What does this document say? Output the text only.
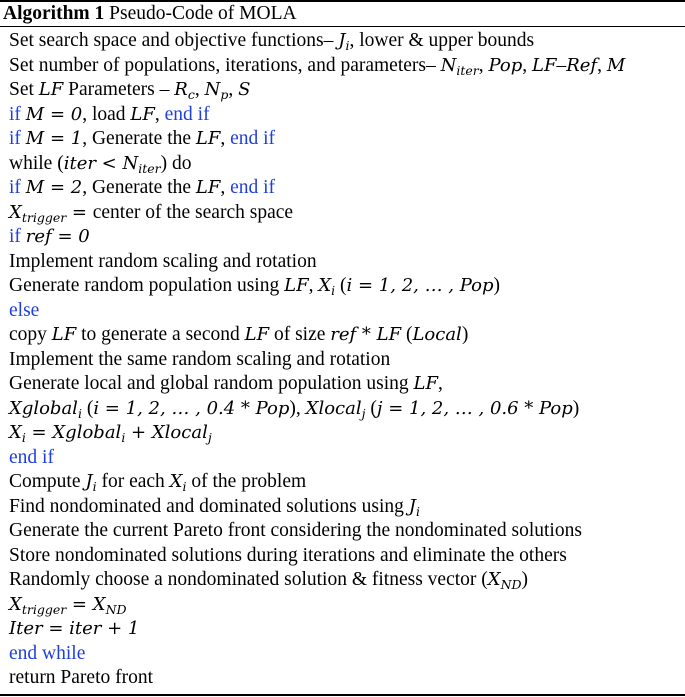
Algorithm 1 Pseudo-Code of MOLA
Set search space and objective functions– $J_i$, lower & upper bounds
Set number of populations, iterations, and parameters– $N_{iter}$, Pop, LF–Ref, M
Set LF Parameters – $R_c$, $N_p$, S
if M = 0, load LF, end if
if M = 1, Generate the LF, end if
while (iter < $N_{iter}$) do
if M = 2, Generate the LF, end if
$X_{trigger}$ = center of the search space
if ref = 0
Implement random scaling and rotation
Generate random population using LF, $X_i$ (i = 1, 2, … , Pop)
else
copy LF to generate a second LF of size ref * LF (Local)
Implement the same random scaling and rotation
Generate local and global random population using LF,
Xglobal$_i$ (i = 1, 2, … , 0.4 * Pop), Xlocal$_j$ (j = 1, 2, … , 0.6 * Pop)
$X_i$ = Xglobal$_i$ + Xlocal$_j$
end if
Compute $J_i$ for each $X_i$ of the problem
Find nondominated and dominated solutions using $J_i$
Generate the current Pareto front considering the nondominated solutions
Store nondominated solutions during iterations and eliminate the others
Randomly choose a nondominated solution & fitness vector $(X_{ND})$
$X_{trigger} = X_{ND}$
Iter = iter + 1
end while
return Pareto front
